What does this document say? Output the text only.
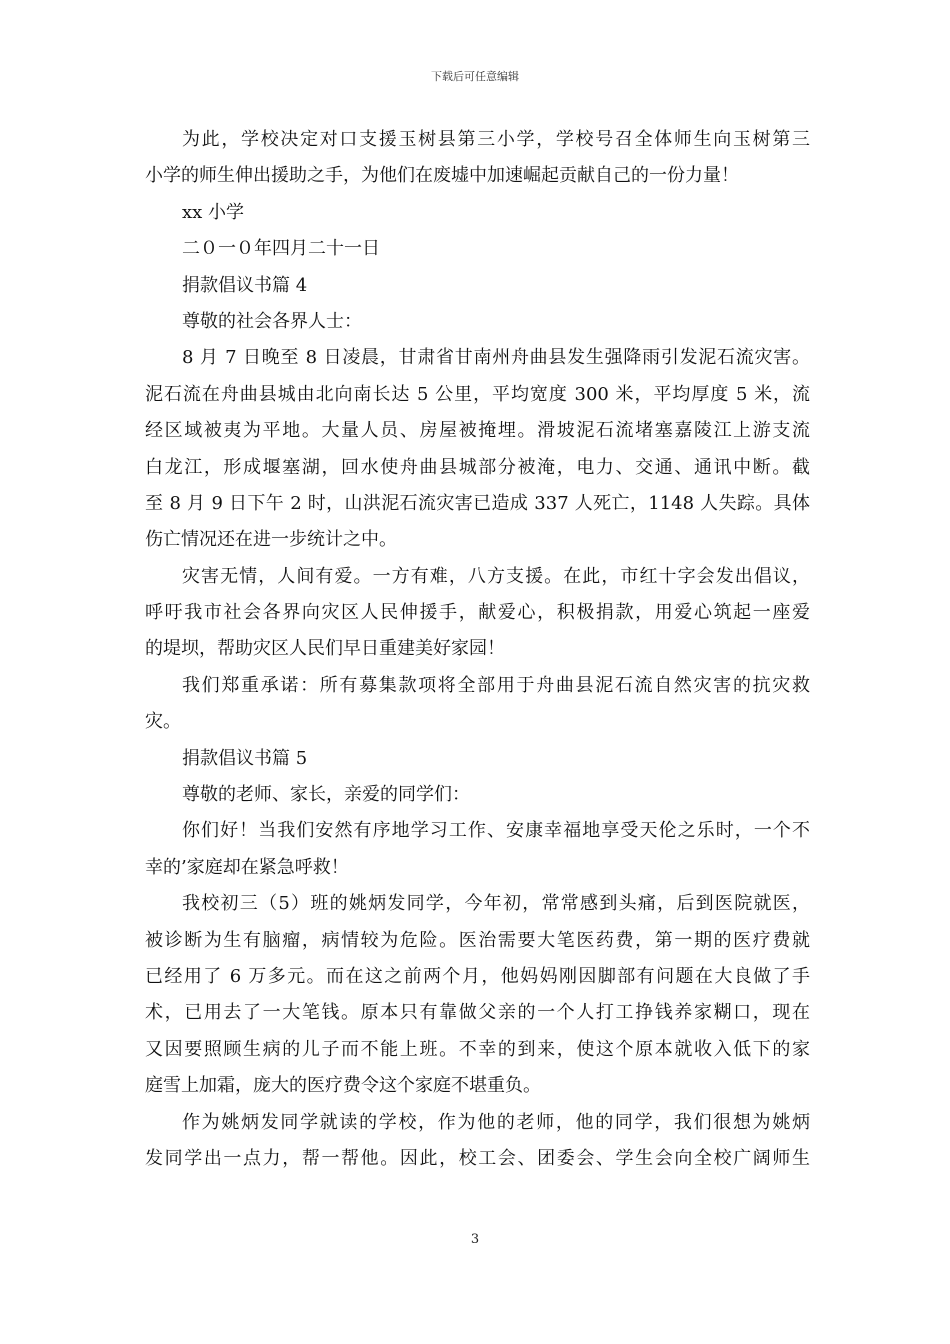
下载后可任意编辑
为此，学校决定对口支援玉树县第三小学，学校号召全体师生向玉树第三
小学的师生伸出援助之手，为他们在废墟中加速崛起贡献自己的一份力量！
xx 小学
二０一０年四月二十一日
捐款倡议书篇 4
尊敬的社会各界人士：
8 月 7 日晚至 8 日凌晨，甘肃省甘南州舟曲县发生强降雨引发泥石流灾害。
泥石流在舟曲县城由北向南长达 5 公里，平均宽度 300 米，平均厚度 5 米，流
经区域被夷为平地。大量人员、房屋被掩埋。滑坡泥石流堵塞嘉陵江上游支流
白龙江，形成堰塞湖，回水使舟曲县城部分被淹，电力、交通、通讯中断。截
至 8 月 9 日下午 2 时，山洪泥石流灾害已造成 337 人死亡，1148 人失踪。具体
伤亡情况还在进一步统计之中。
灾害无情，人间有爱。一方有难，八方支援。在此，市红十字会发出倡议，
呼吁我市社会各界向灾区人民伸援手，献爱心，积极捐款，用爱心筑起一座爱
的堤坝，帮助灾区人民们早日重建美好家园！
我们郑重承诺：所有募集款项将全部用于舟曲县泥石流自然灾害的抗灾救
灾。
捐款倡议书篇 5
尊敬的老师、家长，亲爱的同学们：
你们好！当我们安然有序地学习工作、安康幸福地享受天伦之乐时，一个不
幸的’家庭却在紧急呼救！
我校初三（5）班的姚炳发同学，今年初，常常感到头痛，后到医院就医，
被诊断为生有脑瘤，病情较为危险。医治需要大笔医药费，第一期的医疗费就
已经用了 6 万多元。而在这之前两个月，他妈妈刚因脚部有问题在大良做了手
术，已用去了一大笔钱。原本只有靠做父亲的一个人打工挣钱养家糊口，现在
又因要照顾生病的儿子而不能上班。不幸的到来，使这个原本就收入低下的家
庭雪上加霜，庞大的医疗费令这个家庭不堪重负。
作为姚炳发同学就读的学校，作为他的老师，他的同学，我们很想为姚炳
发同学出一点力，帮一帮他。因此，校工会、团委会、学生会向全校广阔师生
3
